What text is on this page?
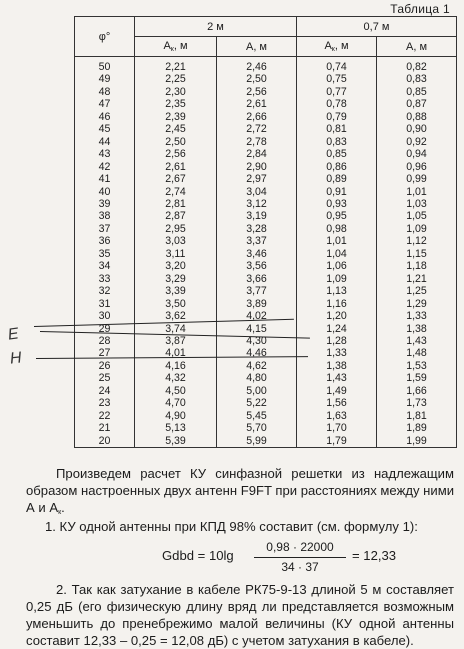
Таблица 1
φ°	2 м		0,7 м	
	$A_к$, м	A, м	$A_к$, м	A, м
50	2,21	2,46	0,74	0,82
49	2,25	2,50	0,75	0,83
48	2,30	2,56	0,77	0,85
47	2,35	2,61	0,78	0,87
46	2,39	2,66	0,79	0,88
45	2,45	2,72	0,81	0,90
44	2,50	2,78	0,83	0,92
43	2,56	2,84	0,85	0,94
42	2,61	2,90	0,86	0,96
41	2,67	2,97	0,89	0,99
40	2,74	3,04	0,91	1,01
39	2,81	3,12	0,93	1,03
38	2,87	3,19	0,95	1,05
37	2,95	3,28	0,98	1,09
36	3,03	3,37	1,01	1,12
35	3,11	3,46	1,04	1,15
34	3,20	3,56	1,06	1,18
33	3,29	3,66	1,09	1,21
32	3,39	3,77	1,13	1,25
31	3,50	3,89	1,16	1,29
30	3,62	4,02	1,20	1,33
29	3,74	4,15	1,24	1,38
28	3,87	4,30	1,28	1,43
27	4,01	4,46	1,33	1,48
26	4,16	4,62	1,38	1,53
25	4,32	4,80	1,43	1,59
24	4,50	5,00	1,49	1,66
23	4,70	5,22	1,56	1,73
22	4,90	5,45	1,63	1,81
21	5,13	5,70	1,70	1,89
20	5,39	5,99	1,79	1,99
E
H
Произведем расчет КУ синфазной решетки из надлежащим образом настроенных двух антенн F9FT при расстояниях между ними А и $А_к$.
1. КУ одной антенны при КПД 98% составит (см. формулу 1):
Gdbd = 10lg
0,98 · 22000
34 · 37
= 12,33
2. Так как затухание в кабеле РК75-9-13 длиной 5 м составляет 0,25 дБ (его физическую длину вряд ли представляется возможным уменьшить до пренебрежимо малой величины (КУ одной антенны составит 12,33 – 0,25 = 12,08 дБ) с учетом затухания в кабеле).
